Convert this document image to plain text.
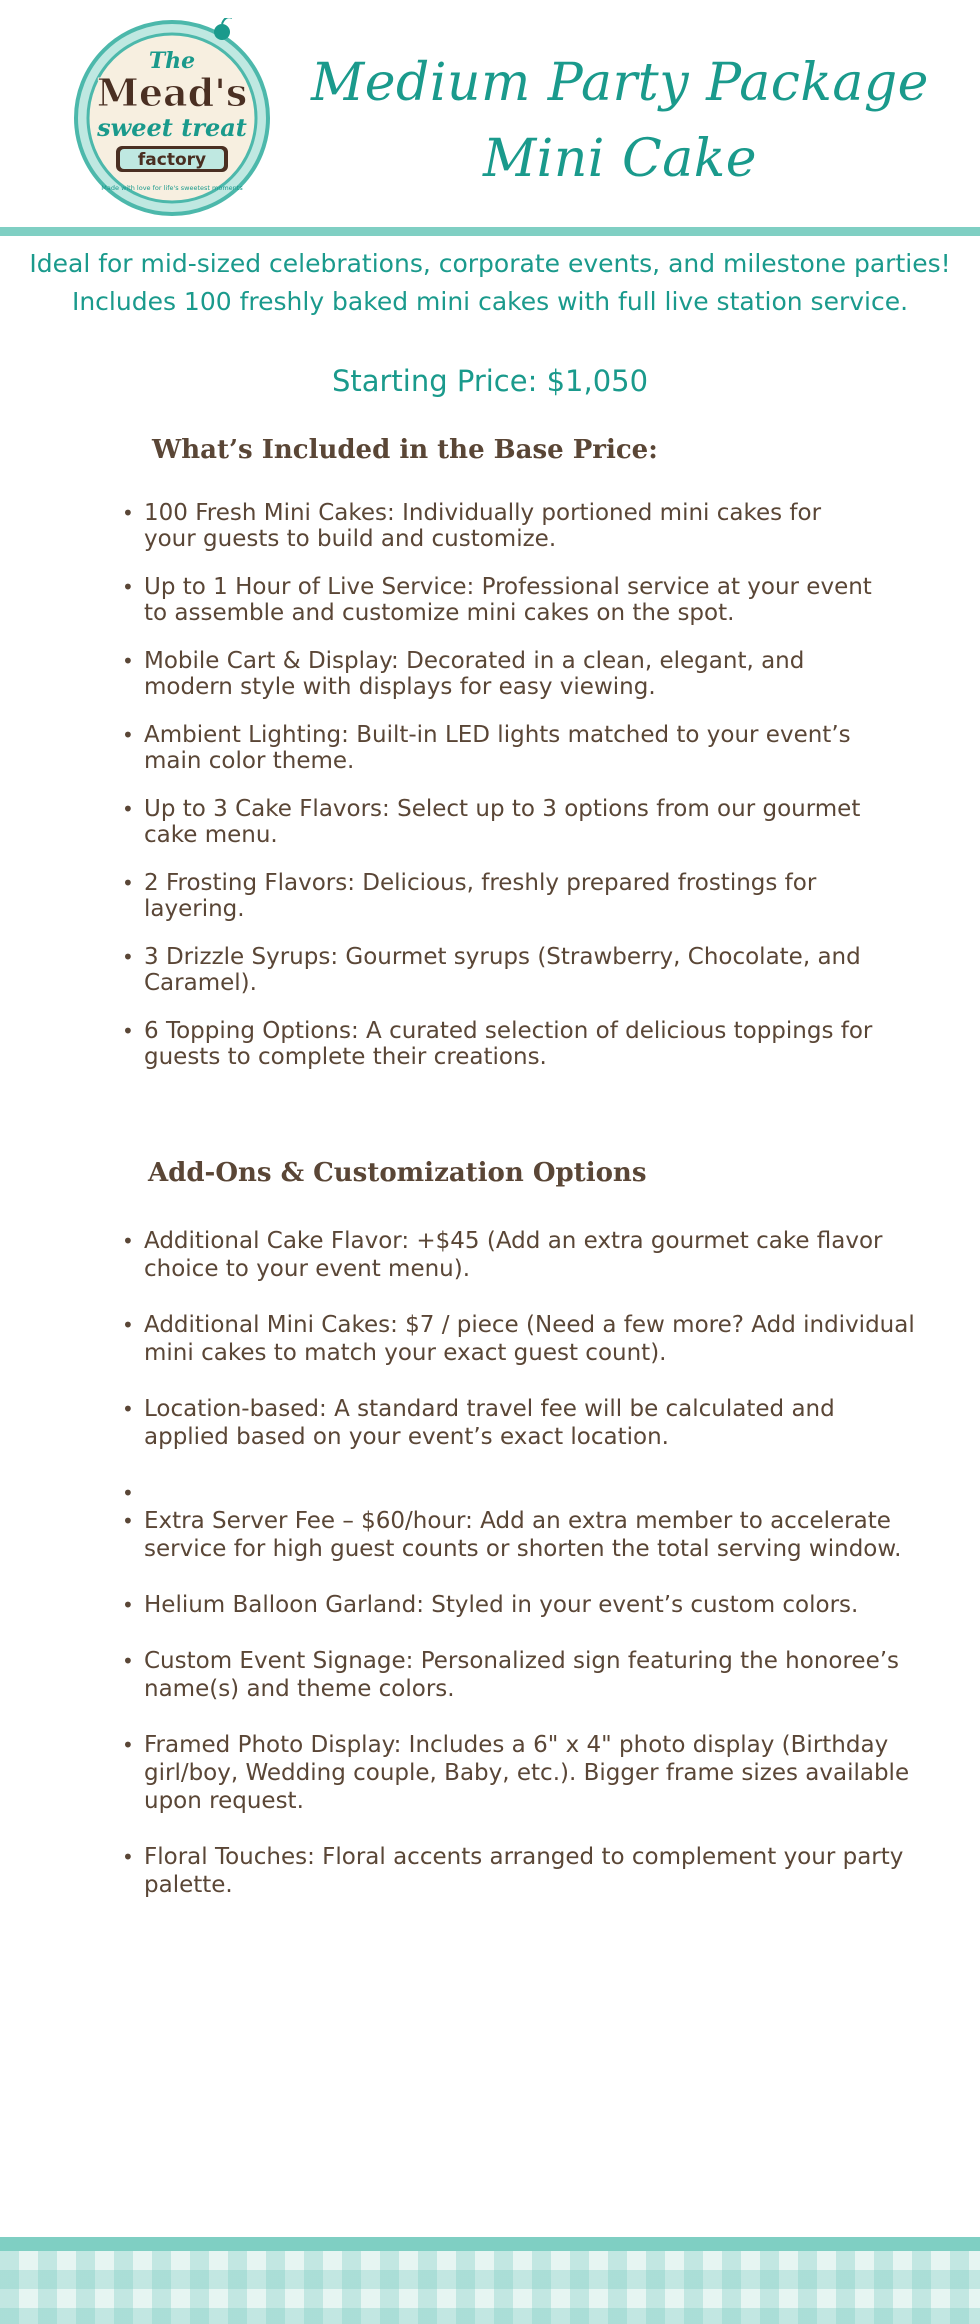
The
Mead's
sweet treat
factory
Made with love for life's sweetest moments
Medium Party Package
Mini Cake
Ideal for mid-sized celebrations, corporate events, and milestone parties!
Includes 100 freshly baked mini cakes with full live station service.
Starting Price: $1,050
What’s Included in the Base Price:
• 100 Fresh Mini Cakes: Individually portioned mini cakes for your guests to build and customize.
• Up to 1 Hour of Live Service: Professional service at your event to assemble and customize mini cakes on the spot.
• Mobile Cart & Display: Decorated in a clean, elegant, and modern style with displays for easy viewing.
• Ambient Lighting: Built-in LED lights matched to your event’s main color theme.
• Up to 3 Cake Flavors: Select up to 3 options from our gourmet cake menu.
• 2 Frosting Flavors: Delicious, freshly prepared frostings for layering.
• 3 Drizzle Syrups: Gourmet syrups (Strawberry, Chocolate, and Caramel).
• 6 Topping Options: A curated selection of delicious toppings for guests to complete their creations.
Add-Ons & Customization Options
• Additional Cake Flavor: +$45 (Add an extra gourmet cake flavor choice to your event menu).
• Additional Mini Cakes: $7 / piece (Need a few more? Add individual mini cakes to match your exact guest count).
• Location-based: A standard travel fee will be calculated and applied based on your event’s exact location.
•
• Extra Server Fee – $60/hour: Add an extra member to accelerate service for high guest counts or shorten the total serving window.
• Helium Balloon Garland: Styled in your event’s custom colors.
• Custom Event Signage: Personalized sign featuring the honoree’s name(s) and theme colors.
• Framed Photo Display: Includes a 6" x 4" photo display (Birthday girl/boy, Wedding couple, Baby, etc.). Bigger frame sizes available upon request.
• Floral Touches: Floral accents arranged to complement your party palette.
